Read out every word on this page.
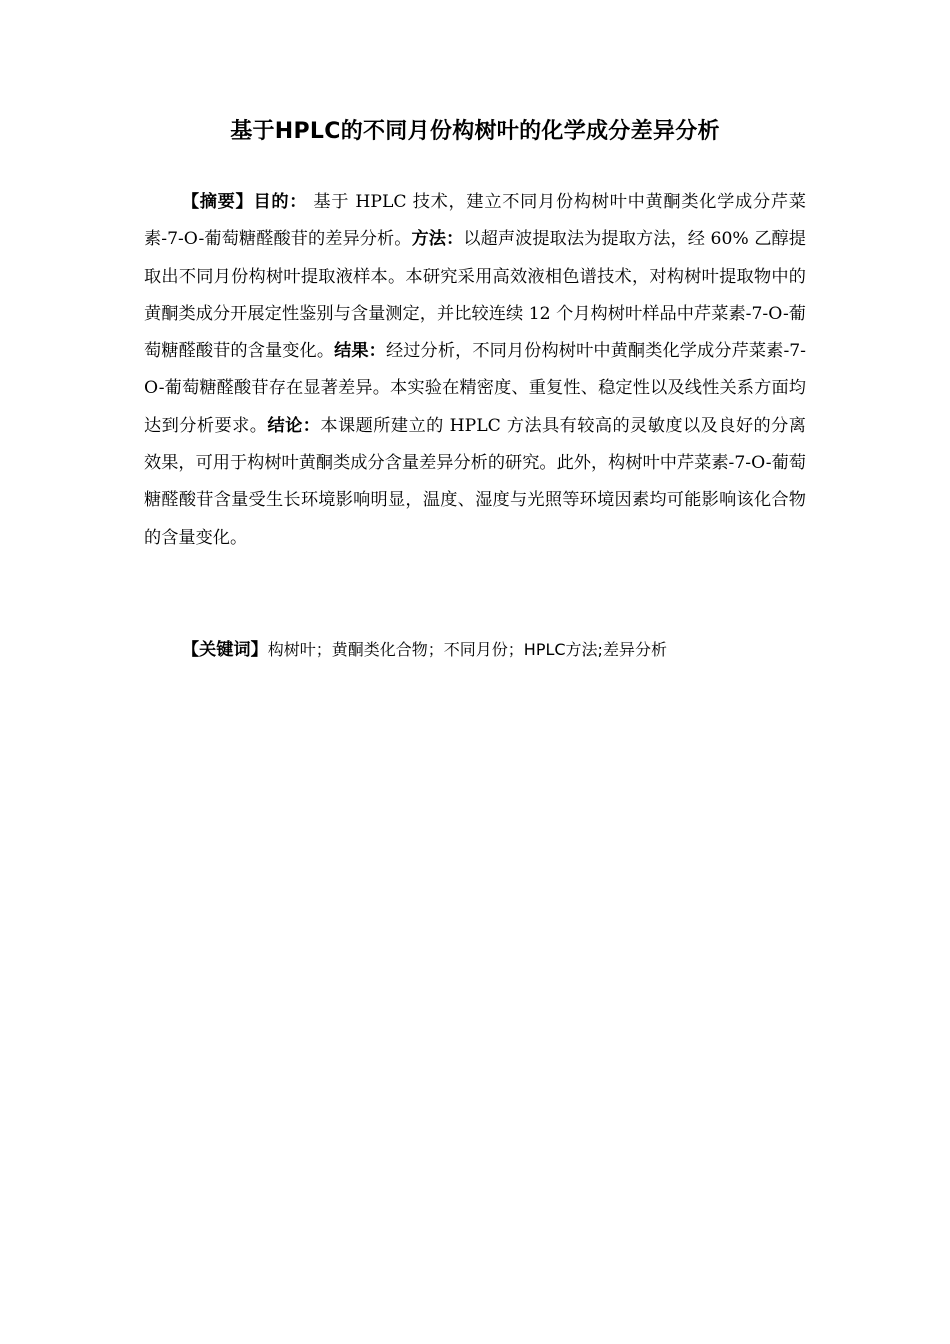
基于HPLC的不同月份构树叶的化学成分差异分析

【摘要】目的： 基于 HPLC 技术，建立不同月份构树叶中黄酮类化学成分芹菜素-7-O-葡萄糖醛酸苷的差异分析。方法：以超声波提取法为提取方法，经 60% 乙醇提取出不同月份构树叶提取液样本。本研究采用高效液相色谱技术，对构树叶提取物中的黄酮类成分开展定性鉴别与含量测定，并比较连续 12 个月构树叶样品中芹菜素-7-O-葡萄糖醛酸苷的含量变化。结果：经过分析，不同月份构树叶中黄酮类化学成分芹菜素-7-O-葡萄糖醛酸苷存在显著差异。本实验在精密度、重复性、稳定性以及线性关系方面均达到分析要求。结论：本课题所建立的 HPLC 方法具有较高的灵敏度以及良好的分离效果，可用于构树叶黄酮类成分含量差异分析的研究。此外，构树叶中芹菜素-7-O-葡萄糖醛酸苷含量受生长环境影响明显，温度、湿度与光照等环境因素均可能影响该化合物的含量变化。

【关键词】构树叶；黄酮类化合物；不同月份；HPLC方法;差异分析
